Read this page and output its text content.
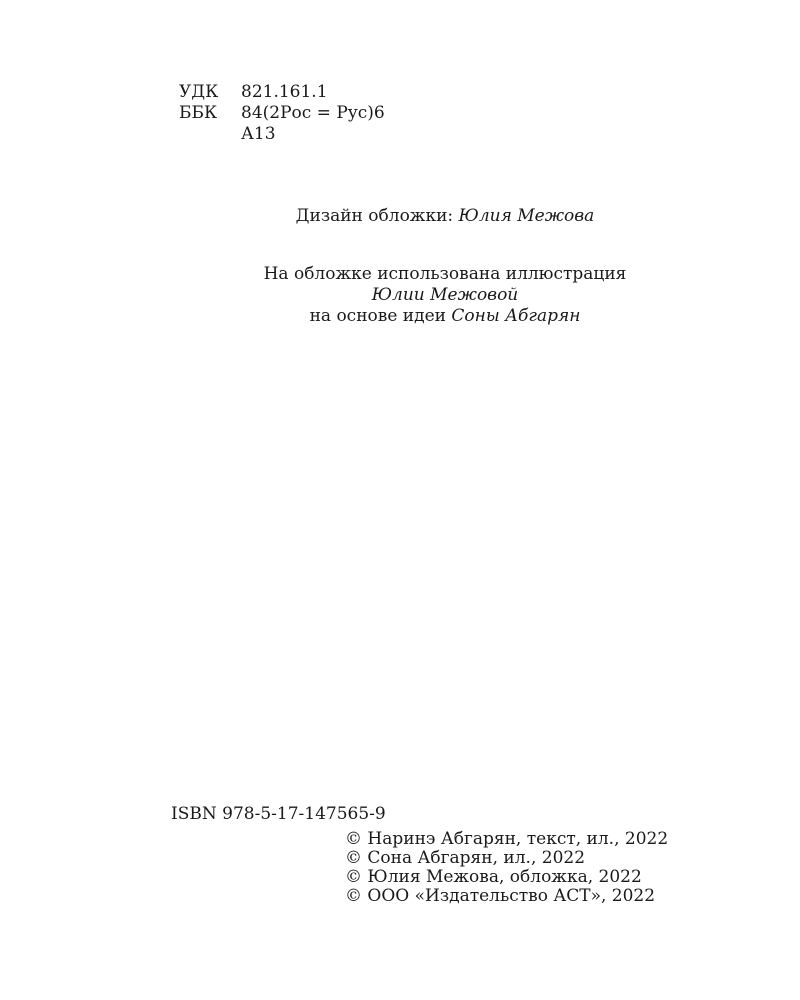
УДК	821.161.1
ББК	84(2Рос = Рус)6
А13
Дизайн обложки: Юлия Межова
На обложке использована иллюстрация
Юлии Межовой
на основе идеи Соны Абгарян
ISBN 978-5-17-147565-9
© Наринэ Абгарян, текст, ил., 2022
© Сона Абгарян, ил., 2022
© Юлия Межова, обложка, 2022
© ООО «Издательство АСТ», 2022
